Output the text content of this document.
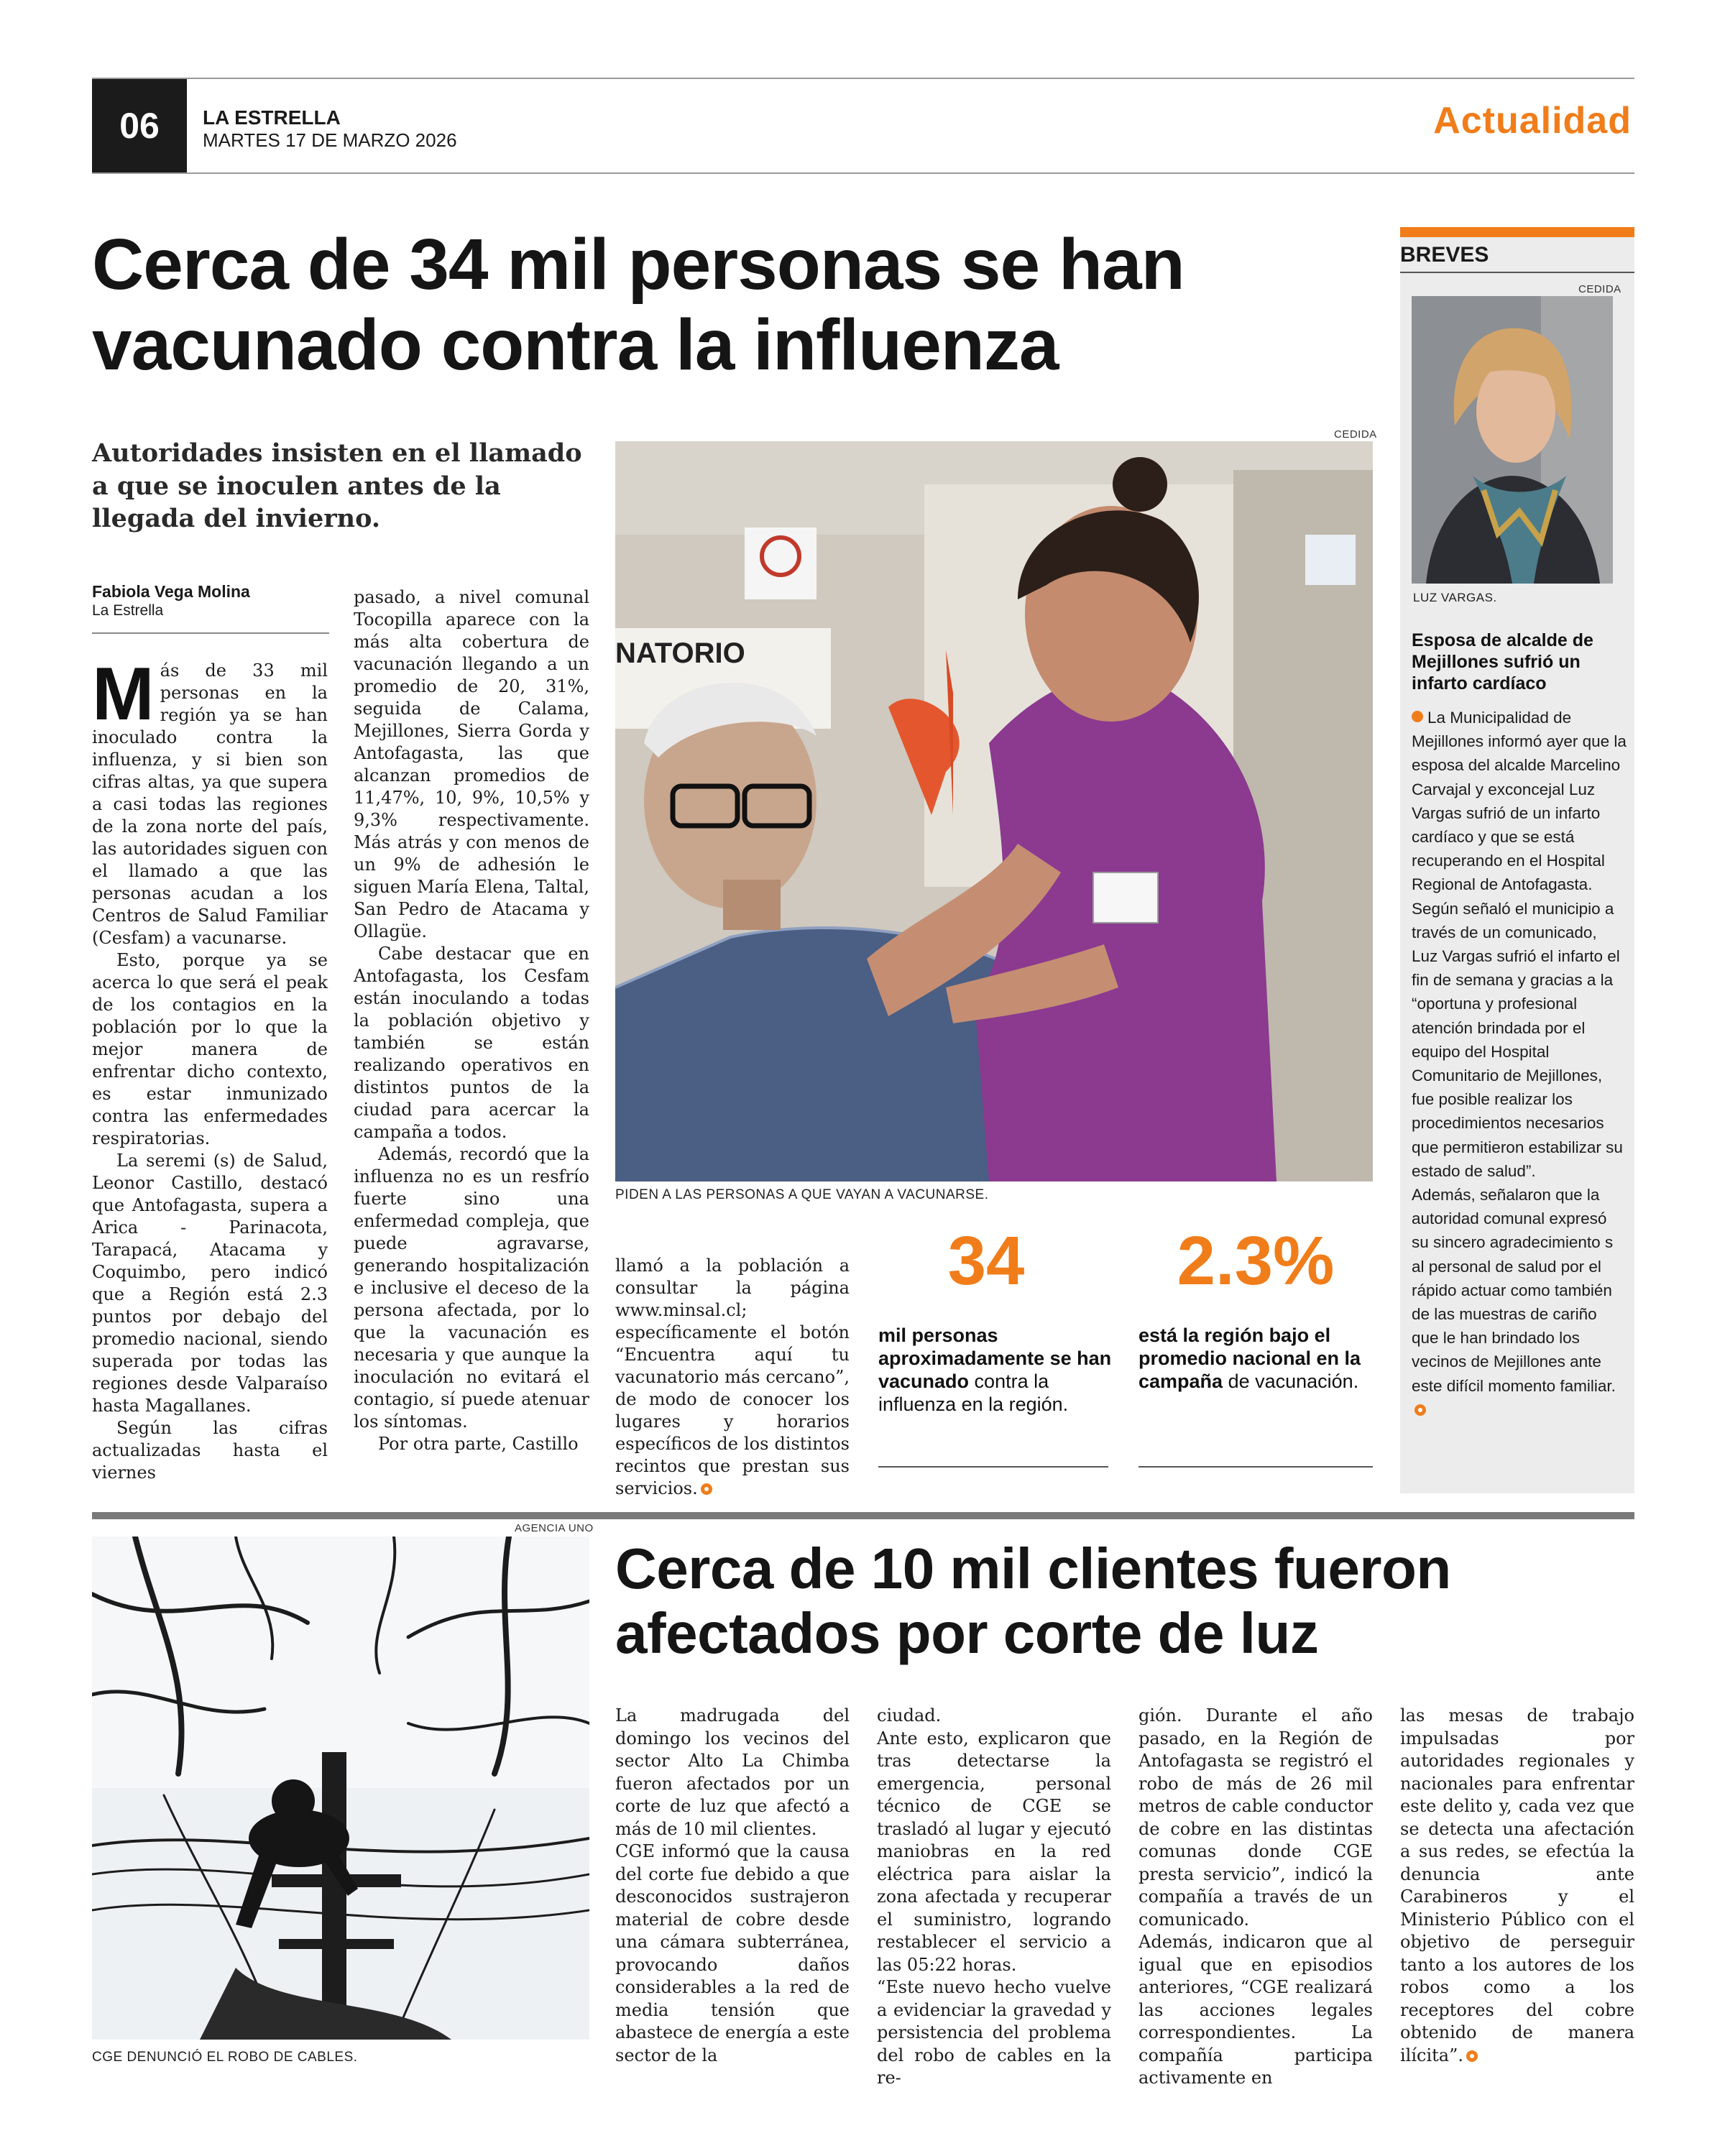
06	LA ESTRELLA
MARTES 17 DE MARZO 2026	Actualidad
Cerca de 34 mil personas se han vacunado contra la influenza
Autoridades insisten en el llamado a que se inoculen antes de la llegada del invierno.
Fabiola Vega Molina
La Estrella

Más de 33 mil personas en la región ya se han inoculado contra la influenza, y si bien son cifras altas, ya que supera a casi todas las regiones de la zona norte del país, las autoridades siguen con el llamado a que las personas acudan a los Centros de Salud Familiar (Cesfam) a vacunarse.

Esto, porque ya se acerca lo que será el peak de los contagios en la población por lo que la mejor manera de enfrentar dicho contexto, es estar inmunizado contra las enfermedades respiratorias.

La seremi (s) de Salud, Leonor Castillo, destacó que Antofagasta, supera a Arica - Parinacota, Tarapacá, Atacama y Coquimbo, pero indicó que a Región está 2.3 puntos por debajo del promedio nacional, siendo superada por todas las regiones desde Valparaíso hasta Magallanes.

Según las cifras actualizadas hasta el viernes

pasado, a nivel comunal Tocopilla aparece con la más alta cobertura de vacunación llegando a un promedio de 20, 31%, seguida de Calama, Mejillones, Sierra Gorda y Antofagasta, las que alcanzan promedios de 11,47%, 10, 9%, 10,5% y 9,3% respectivamente. Más atrás y con menos de un 9% de adhesión le siguen María Elena, Taltal, San Pedro de Atacama y Ollagüe.

Cabe destacar que en Antofagasta, los Cesfam están inoculando a todas la población objetivo y también se están realizando operativos en distintos puntos de la ciudad para acercar la campaña a todos.

Además, recordó que la influenza no es un resfrío fuerte sino una enfermedad compleja, que puede agravarse, generando hospitalización e inclusive el deceso de la persona afectada, por lo que la vacunación es necesaria y que aunque la inoculación no evitará el contagio, sí puede atenuar los síntomas.

Por otra parte, Castillo

llamó a la población a consultar la página www.minsal.cl; específicamente el botón “Encuentra aquí tu vacunatorio más cercano”, de modo de conocer los lugares y horarios específicos de los distintos recintos que prestan sus servicios.

CEDIDA
NATORIO
PIDEN A LAS PERSONAS A QUE VAYAN A VACUNARSE.
34
mil personas aproximadamente se han vacunado contra la influenza en la región.
2.3%
está la región bajo el promedio nacional en la campaña de vacunación.
BREVES
CEDIDA
LUZ VARGAS.
Esposa de alcalde de Mejillones sufrió un infarto cardíaco

La Municipalidad de Mejillones informó ayer que la esposa del alcalde Marcelino Carvajal y exconcejal Luz Vargas sufrió de un infarto cardíaco y que se está recuperando en el Hospital Regional de Antofagasta.

Según señaló el municipio a través de un comunicado, Luz Vargas sufrió el infarto el fin de semana y gracias a la “oportuna y profesional atención brindada por el equipo del Hospital Comunitario de Mejillones, fue posible realizar los procedimientos necesarios que permitieron estabilizar su estado de salud”.

Además, señalaron que la autoridad comunal expresó su sincero agradecimiento s al personal de salud por el rápido actuar como también de las muestras de cariño que le han brindado los vecinos de Mejillones ante este difícil momento familiar.

AGENCIA UNO
CGE DENUNCIÓ EL ROBO DE CABLES.
Cerca de 10 mil clientes fueron afectados por corte de luz

La madrugada del domingo los vecinos del sector Alto La Chimba fueron afectados por un corte de luz que afectó a más de 10 mil clientes.

CGE informó que la causa del corte fue debido a que desconocidos sustrajeron material de cobre desde una cámara subterránea, provocando daños considerables a la red de media tensión que abastece de energía a este sector de la

ciudad.

Ante esto, explicaron que tras detectarse la emergencia, personal técnico de CGE se trasladó al lugar y ejecutó maniobras en la red eléctrica para aislar la zona afectada y recuperar el suministro, logrando restablecer el servicio a las 05:22 horas.

“Este nuevo hecho vuelve a evidenciar la gravedad y persistencia del problema del robo de cables en la re-

gión. Durante el año pasado, en la Región de Antofagasta se registró el robo de más de 26 mil metros de cable conductor de cobre en las distintas comunas donde CGE presta servicio”, indicó la compañía a través de un comunicado.

Además, indicaron que al igual que en episodios anteriores, “CGE realizará las acciones legales correspondientes. La compañía participa activamente en

las mesas de trabajo impulsadas por autoridades regionales y nacionales para enfrentar este delito y, cada vez que se detecta una afectación a sus redes, se efectúa la denuncia ante Carabineros y el Ministerio Público con el objetivo de perseguir tanto a los autores de los robos como a los receptores del cobre obtenido de manera ilícita”.
